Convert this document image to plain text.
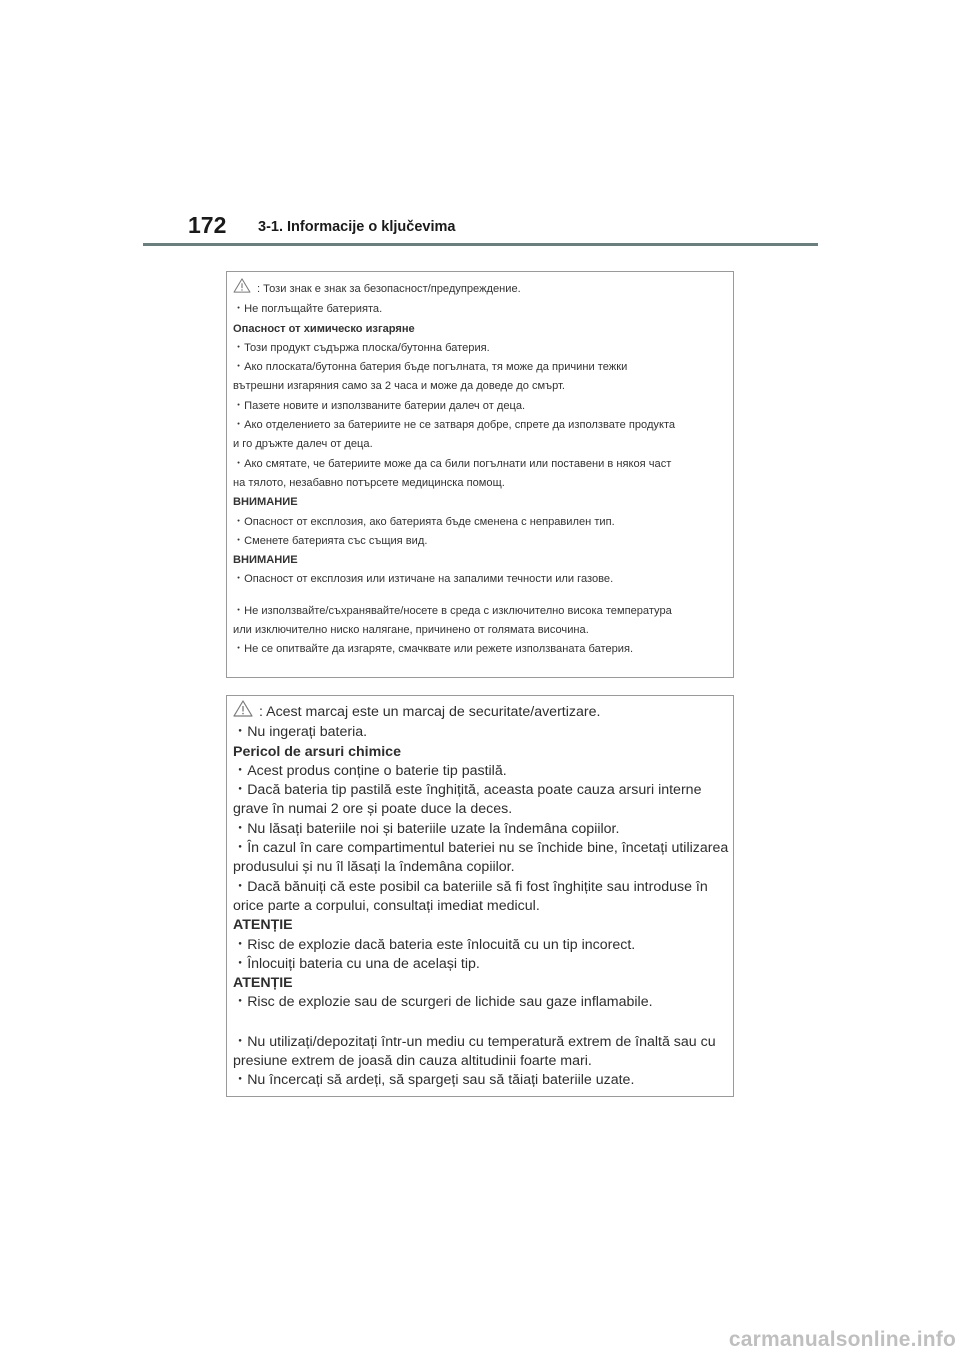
172 3-1. Informacije o ključevima
: Този знак е знак за безопасност/предупреждение.
・Не поглъщайте батерията.
Опасност от химическо изгаряне
・Този продукт съдържа плоска/бутонна батерия.
・Ако плоската/бутонна батерия бъде погълната, тя може да причини тежки
вътрешни изгаряния само за 2 часа и може да доведе до смърт.
・Пазете новите и използваните батерии далеч от деца.
・Ако отделението за батериите не се затваря добре, спрете да използвате продукта
и го дръжте далеч от деца.
・Ако смятате, че батериите може да са били погълнати или поставени в някоя част
на тялото, незабавно потърсете медицинска помощ.
ВНИМАНИЕ
・Опасност от експлозия, ако батерията бъде сменена с неправилен тип.
・Сменете батерията със същия вид.
ВНИМАНИЕ
・Опасност от експлозия или изтичане на запалими течности или газове.
・Не използвайте/съхранявайте/носете в среда с изключително висока температура
или изключително ниско налягане, причинено от голямата височина.
・Не се опитвайте да изгаряте, смачквате или режете използваната батерия.
: Acest marcaj este un marcaj de securitate/avertizare.
・Nu ingerați bateria.
Pericol de arsuri chimice
・Acest produs conține o baterie tip pastilă.
・Dacă bateria tip pastilă este înghițită, aceasta poate cauza arsuri interne
grave în numai 2 ore și poate duce la deces.
・Nu lăsați bateriile noi și bateriile uzate la îndemâna copiilor.
・În cazul în care compartimentul bateriei nu se închide bine, încetați utilizarea
produsului și nu îl lăsați la îndemâna copiilor.
・Dacă bănuiți că este posibil ca bateriile să fi fost înghițite sau introduse în
orice parte a corpului, consultați imediat medicul.
ATENȚIE
・Risc de explozie dacă bateria este înlocuită cu un tip incorect.
・Înlocuiți bateria cu una de același tip.
ATENȚIE
・Risc de explozie sau de scurgeri de lichide sau gaze inflamabile.
・Nu utilizați/depozitați într-un mediu cu temperatură extrem de înaltă sau cu
presiune extrem de joasă din cauza altitudinii foarte mari.
・Nu încercați să ardeți, să spargeți sau să tăiați bateriile uzate.
carmanualsonline.info
